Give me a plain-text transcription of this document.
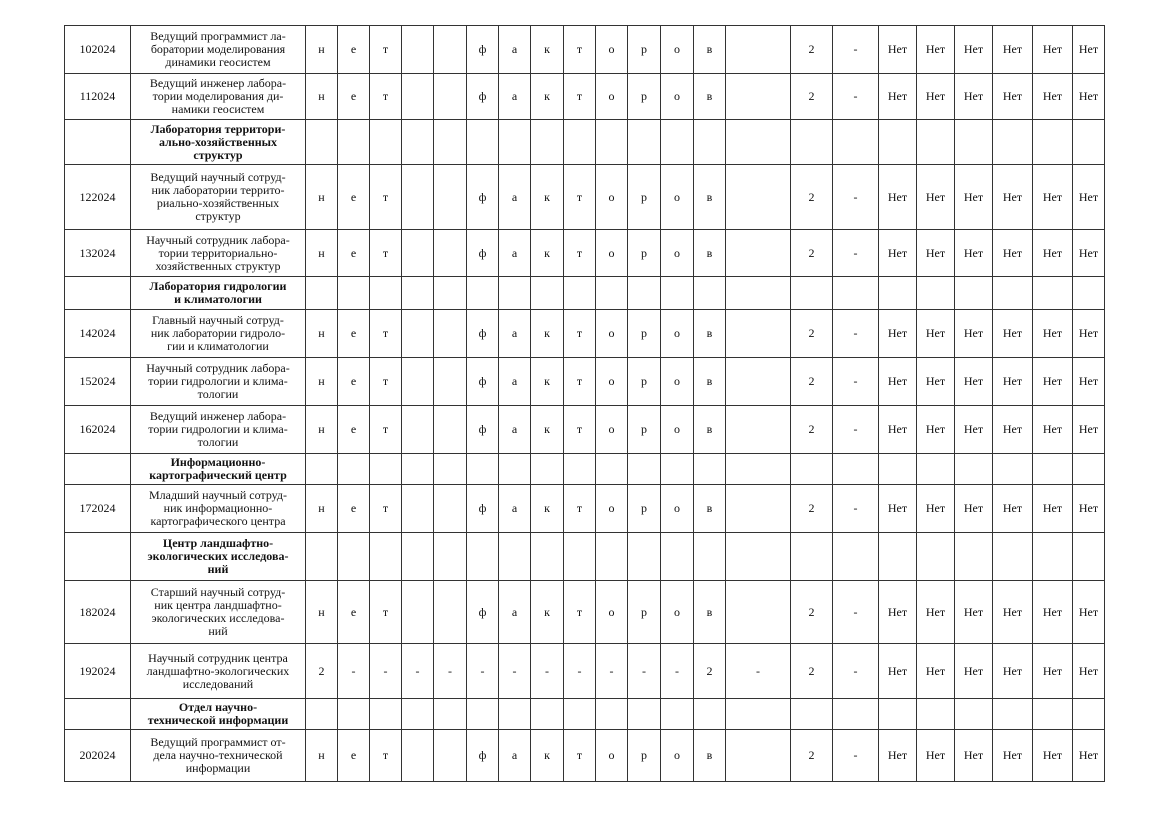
102024	Ведущий программист ла-
боратории моделирования
динамики геосистем	н	е	т			ф	а	к	т	о	р	о	в		2	-	Нет	Нет	Нет	Нет	Нет	Нет
112024	Ведущий инженер лабора-
тории моделирования ди-
намики геосистем	н	е	т			ф	а	к	т	о	р	о	в		2	-	Нет	Нет	Нет	Нет	Нет	Нет
	Лаборатория территори-
ально-хозяйственных
структур																						
122024	Ведущий научный сотруд-
ник лаборатории террито-
риально-хозяйственных
структур	н	е	т			ф	а	к	т	о	р	о	в		2	-	Нет	Нет	Нет	Нет	Нет	Нет
132024	Научный сотрудник лабора-
тории территориально-
хозяйственных структур	н	е	т			ф	а	к	т	о	р	о	в		2	-	Нет	Нет	Нет	Нет	Нет	Нет
	Лаборатория гидрологии
и климатологии																						
142024	Главный научный сотруд-
ник лаборатории гидроло-
гии и климатологии	н	е	т			ф	а	к	т	о	р	о	в		2	-	Нет	Нет	Нет	Нет	Нет	Нет
152024	Научный сотрудник лабора-
тории гидрологии и клима-
тологии	н	е	т			ф	а	к	т	о	р	о	в		2	-	Нет	Нет	Нет	Нет	Нет	Нет
162024	Ведущий инженер лабора-
тории гидрологии и клима-
тологии	н	е	т			ф	а	к	т	о	р	о	в		2	-	Нет	Нет	Нет	Нет	Нет	Нет
	Информационно-
картографический центр																						
172024	Младший научный сотруд-
ник информационно-
картографического центра	н	е	т			ф	а	к	т	о	р	о	в		2	-	Нет	Нет	Нет	Нет	Нет	Нет
	Центр ландшафтно-
экологических исследова-
ний																						
182024	Старший научный сотруд-
ник центра ландшафтно-
экологических исследова-
ний	н	е	т			ф	а	к	т	о	р	о	в		2	-	Нет	Нет	Нет	Нет	Нет	Нет
192024	Научный сотрудник центра
ландшафтно-экологических
исследований	2	-	-	-	-	-	-	-	-	-	-	-	2	-	2	-	Нет	Нет	Нет	Нет	Нет	Нет
	Отдел научно-
технической информации																						
202024	Ведущий программист от-
дела научно-технической
информации	н	е	т			ф	а	к	т	о	р	о	в		2	-	Нет	Нет	Нет	Нет	Нет	Нет
